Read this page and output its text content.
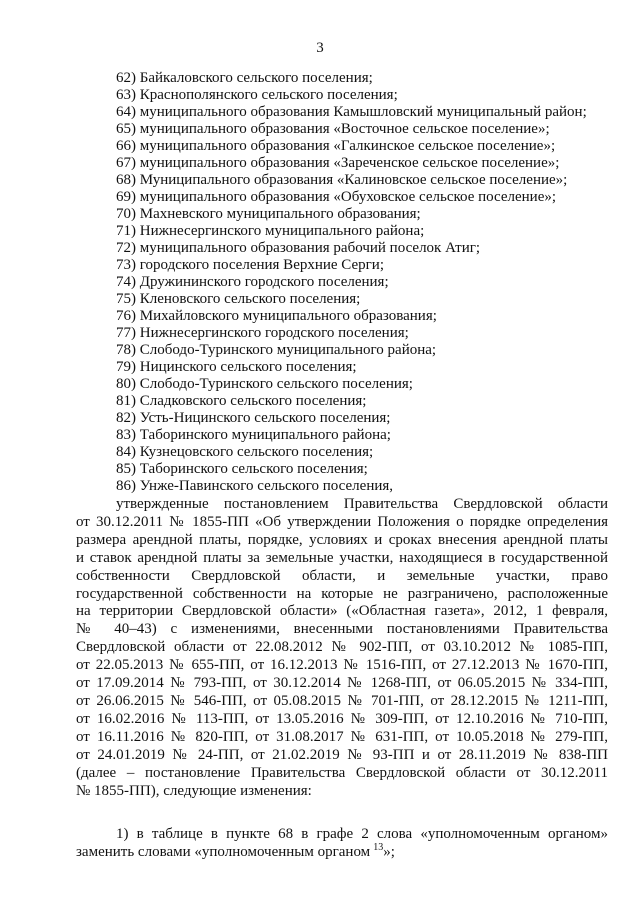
3
62) Байкаловского сельского поселения;
63) Краснополянского сельского поселения;
64) муниципального образования Камышловский муниципальный район;
65) муниципального образования «Восточное сельское поселение»;
66) муниципального образования «Галкинское сельское поселение»;
67) муниципального образования «Зареченское сельское поселение»;
68) Муниципального образования «Калиновское сельское поселение»;
69) муниципального образования «Обуховское сельское поселение»;
70) Махневского муниципального образования;
71) Нижнесергинского муниципального района;
72) муниципального образования рабочий поселок Атиг;
73) городского поселения Верхние Серги;
74) Дружининского городского поселения;
75) Кленовского сельского поселения;
76) Михайловского муниципального образования;
77) Нижнесергинского городского поселения;
78) Слободо-Туринского муниципального района;
79) Ницинского сельского поселения;
80) Слободо-Туринского сельского поселения;
81) Сладковского сельского поселения;
82) Усть-Ницинского сельского поселения;
83) Таборинского муниципального района;
84) Кузнецовского сельского поселения;
85) Таборинского сельского поселения;
86) Унже-Павинского сельского поселения,
утвержденные постановлением Правительства Свердловской области
от 30.12.2011 № 1855-ПП «Об утверждении Положения о порядке определения
размера арендной платы, порядке, условиях и сроках внесения арендной платы
и ставок арендной платы за земельные участки, находящиеся в государственной
собственности Свердловской области, и земельные участки, право
государственной собственности на которые не разграничено, расположенные
на территории Свердловской области» («Областная газета», 2012, 1 февраля,
№ 40–43) с изменениями, внесенными постановлениями Правительства
Свердловской области от 22.08.2012 № 902-ПП, от 03.10.2012 № 1085-ПП,
от 22.05.2013 № 655-ПП, от 16.12.2013 № 1516-ПП, от 27.12.2013 № 1670-ПП,
от 17.09.2014 № 793-ПП, от 30.12.2014 № 1268-ПП, от 06.05.2015 № 334-ПП,
от 26.06.2015 № 546-ПП, от 05.08.2015 № 701-ПП, от 28.12.2015 № 1211-ПП,
от 16.02.2016 № 113-ПП, от 13.05.2016 № 309-ПП, от 12.10.2016 № 710-ПП,
от 16.11.2016 № 820-ПП, от 31.08.2017 № 631-ПП, от 10.05.2018 № 279-ПП,
от 24.01.2019 № 24-ПП, от 21.02.2019 № 93-ПП и от 28.11.2019 № 838-ПП
(далее – постановление Правительства Свердловской области от 30.12.2011
№ 1855-ПП), следующие изменения:
1) в таблице в пункте 68 в графе 2 слова «уполномоченным органом»
заменить словами «уполномоченным органом  $^{13}$»;
